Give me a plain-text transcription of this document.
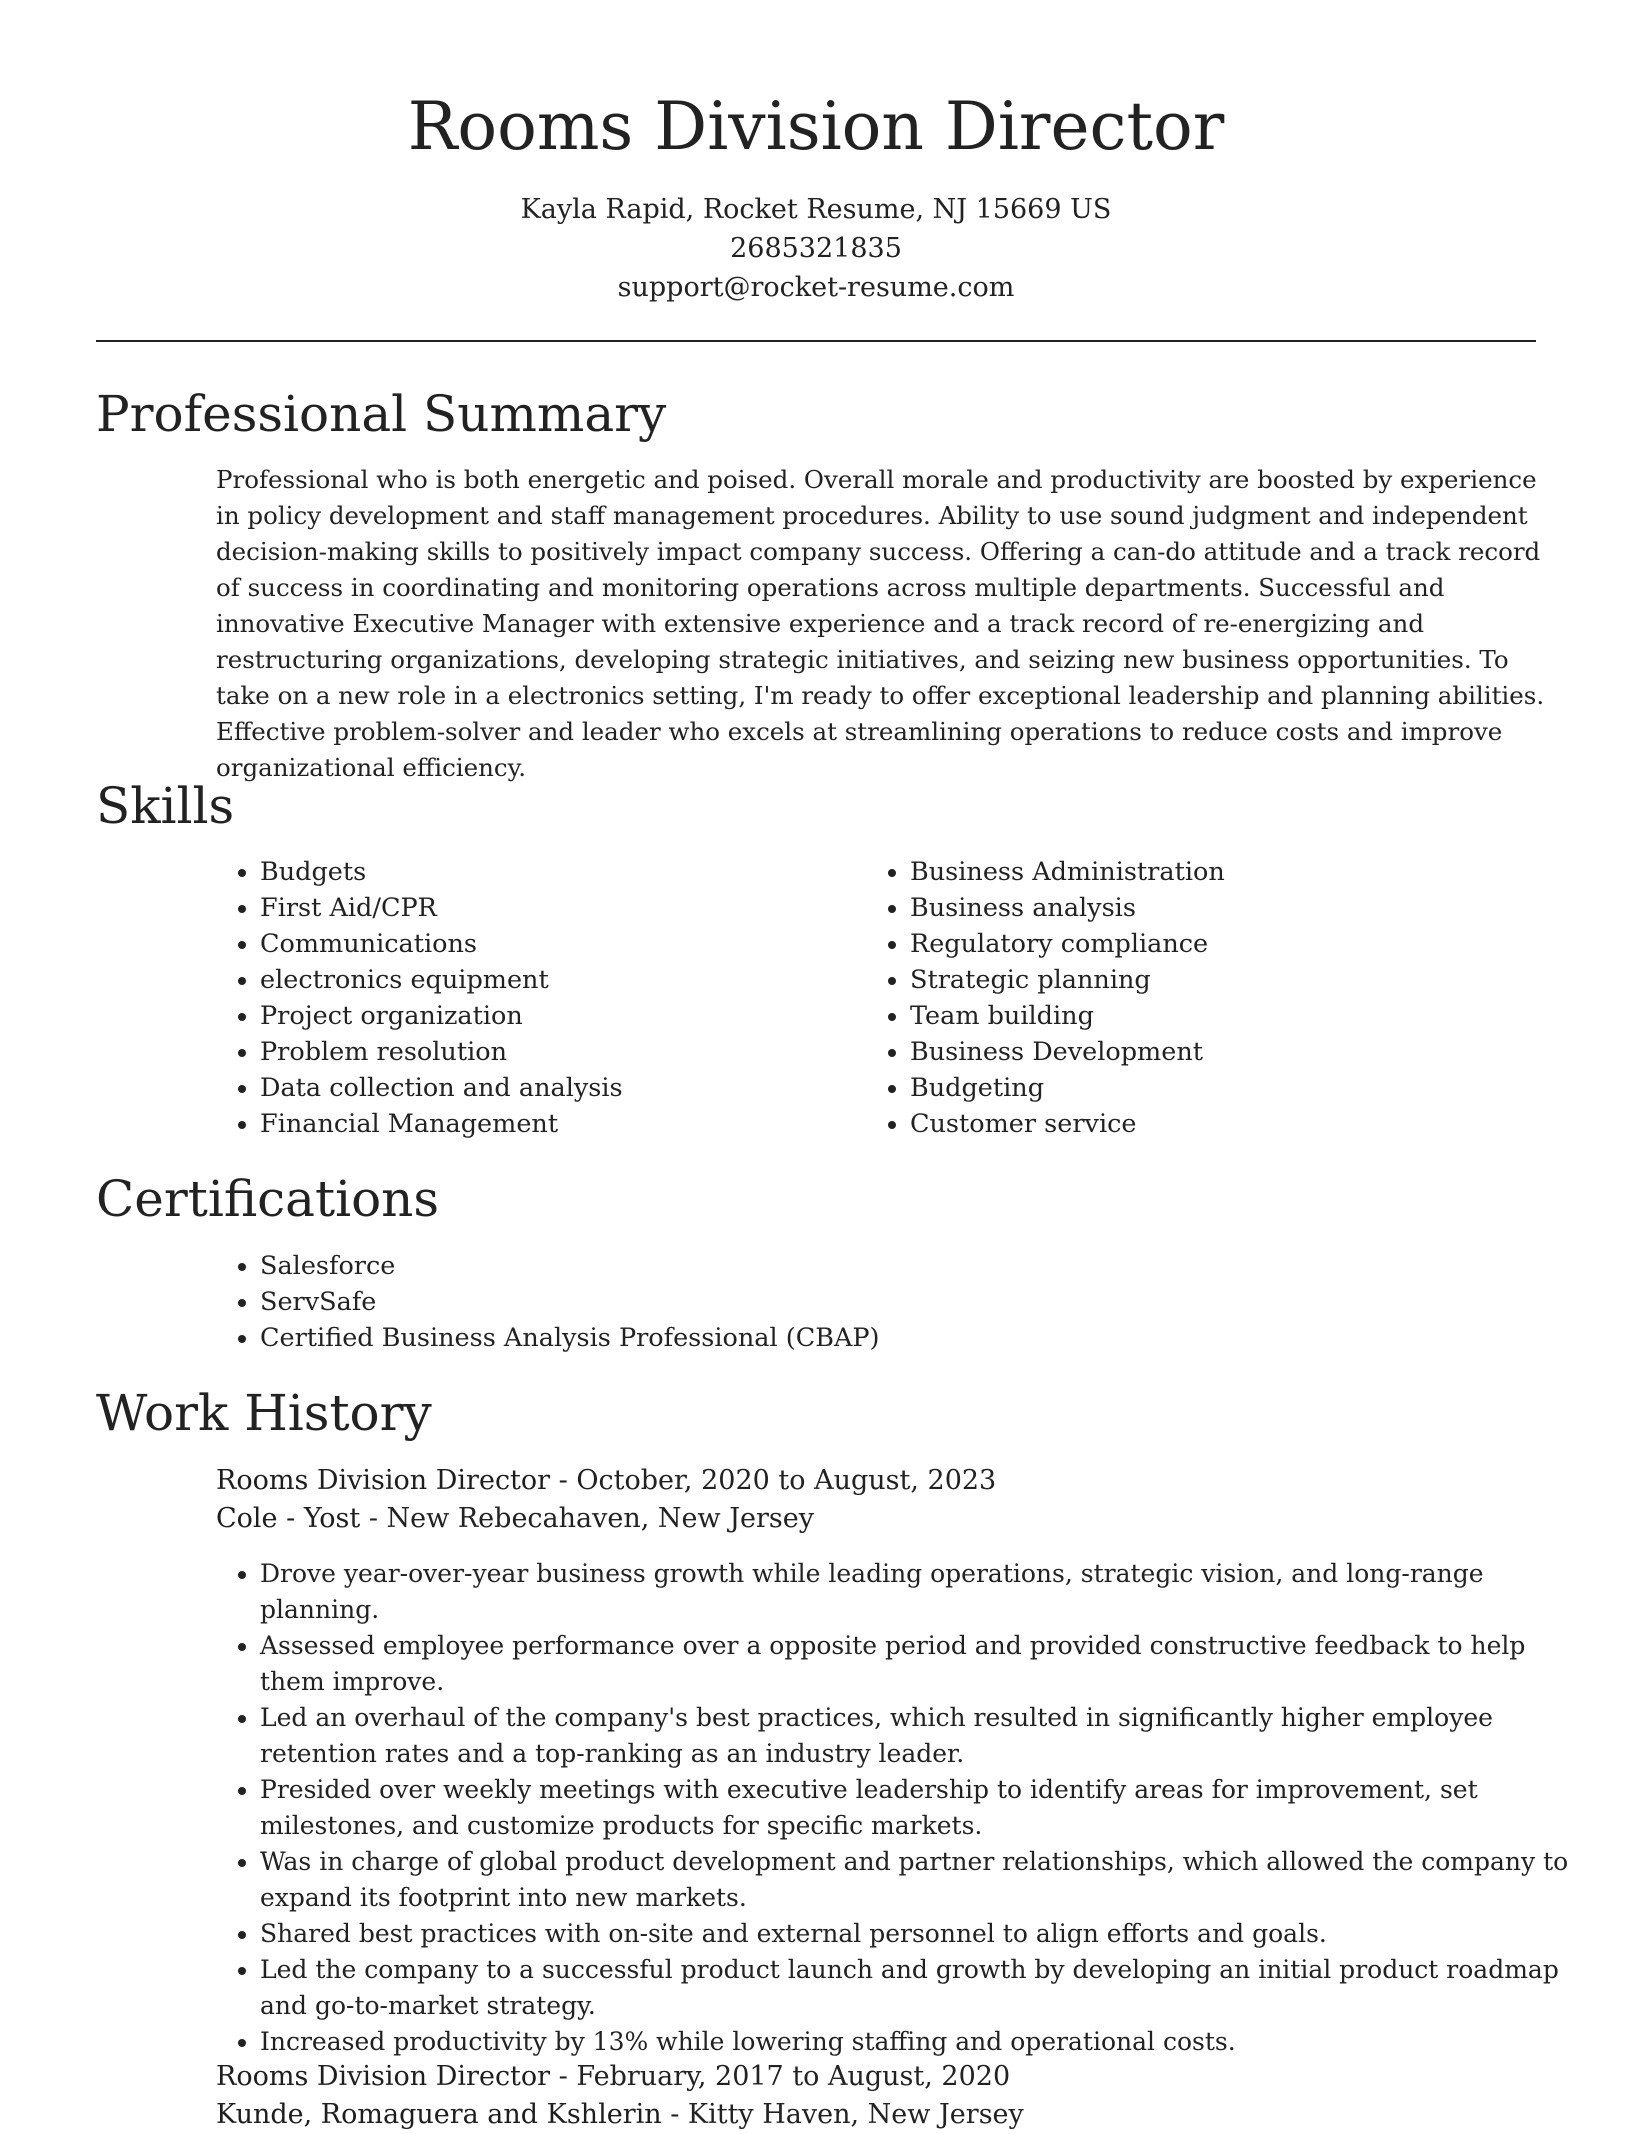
Rooms Division Director
Kayla Rapid, Rocket Resume, NJ 15669 US
2685321835
support@rocket-resume.com
Professional Summary

Professional who is both energetic and poised. Overall morale and productivity are boosted by experience in policy development and staff management procedures. Ability to use sound judgment and independent decision-making skills to positively impact company success. Offering a can-do attitude and a track record of success in coordinating and monitoring operations across multiple departments. Successful and innovative Executive Manager with extensive experience and a track record of re-energizing and restructuring organizations, developing strategic initiatives, and seizing new business opportunities. To take on a new role in a electronics setting, I'm ready to offer exceptional leadership and planning abilities. Effective problem-solver and leader who excels at streamlining operations to reduce costs and improve organizational efficiency.

Skills
• Budgets
• First Aid/CPR
• Communications
• electronics equipment
• Project organization
• Problem resolution
• Data collection and analysis
• Financial Management
• Business Administration
• Business analysis
• Regulatory compliance
• Strategic planning
• Team building
• Business Development
• Budgeting
• Customer service
Certifications
• Salesforce
• ServSafe
• Certified Business Analysis Professional (CBAP)
Work History
Rooms Division Director - October, 2020 to August, 2023
Cole - Yost - New Rebecahaven, New Jersey
• Drove year-over-year business growth while leading operations, strategic vision, and long-range planning.
• Assessed employee performance over a opposite period and provided constructive feedback to help them improve.
• Led an overhaul of the company's best practices, which resulted in significantly higher employee retention rates and a top-ranking as an industry leader.
• Presided over weekly meetings with executive leadership to identify areas for improvement, set milestones, and customize products for specific markets.
• Was in charge of global product development and partner relationships, which allowed the company to expand its footprint into new markets.
• Shared best practices with on-site and external personnel to align efforts and goals.
• Led the company to a successful product launch and growth by developing an initial product roadmap and go-to-market strategy.
• Increased productivity by 13% while lowering staffing and operational costs.
Rooms Division Director - February, 2017 to August, 2020
Kunde, Romaguera and Kshlerin - Kitty Haven, New Jersey
